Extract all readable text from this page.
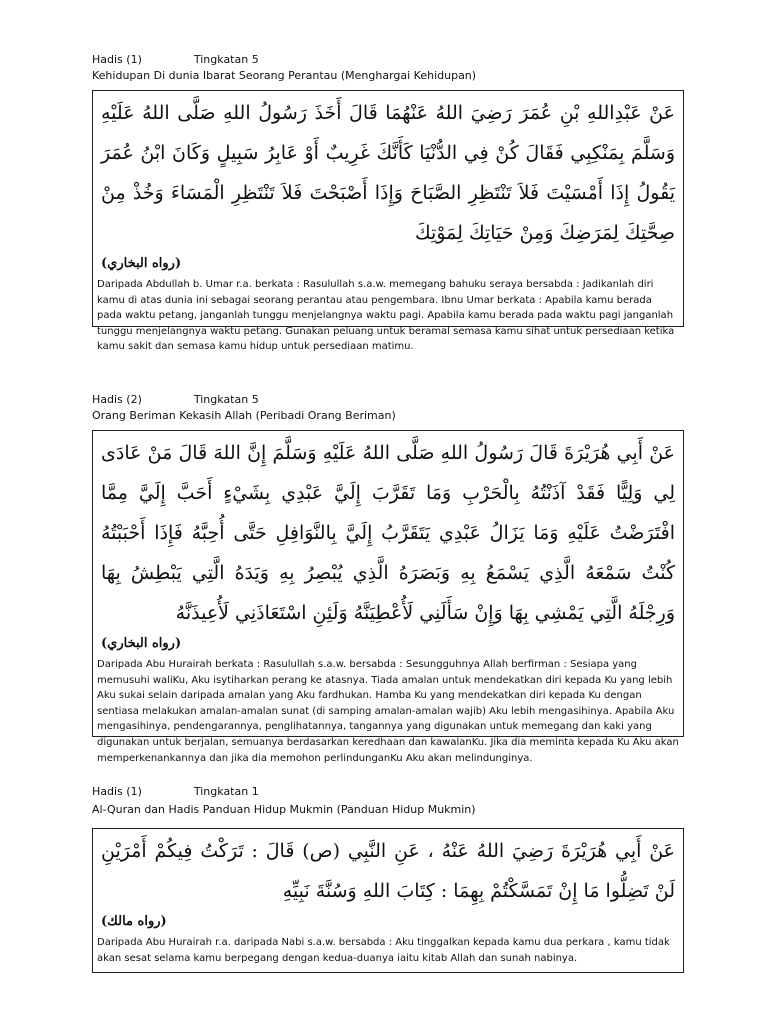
Hadis (1)	Tingkatan 5
Kehidupan Di dunia Ibarat Seorang Perantau (Menghargai Kehidupan)
عَنْ عَبْدِاللهِ بْنِ عُمَرَ رَضِيَ اللهُ عَنْهُمَا قَالَ أَخَذَ رَسُولُ اللهِ صَلَّى اللهُ عَلَيْهِ وَسَلَّمَ بِمَنْكِبِي فَقَالَ كُنْ فِي الدُّنْيَا كَأَنَّكَ غَرِيبٌ أَوْ عَابِرُ سَبِيلٍ وَكَانَ ابْنُ عُمَرَ يَقُولُ إِذَا أَمْسَيْتَ فَلاَ تَنْتَظِرِ الصَّبَاحَ وَإِذَا أَصْبَحْتَ فَلاَ تَنْتَظِرِ الْمَسَاءَ وَخُذْ مِنْ صِحَّتِكَ لِمَرَضِكَ وَمِنْ حَيَاتِكَ لِمَوْتِكَ
(رواه البخاري)
Daripada Abdullah b. Umar r.a. berkata : Rasulullah s.a.w. memegang bahuku seraya bersabda : Jadikanlah diri kamu di atas dunia ini sebagai seorang perantau atau pengembara. Ibnu Umar berkata : Apabila kamu berada pada waktu petang, janganlah tunggu menjelangnya waktu pagi. Apabila kamu berada pada waktu pagi janganlah tunggu menjelangnya waktu petang. Gunakan peluang untuk beramal semasa kamu sihat untuk persediaan ketika kamu sakit dan semasa kamu hidup untuk persediaan matimu.
Hadis (2)	Tingkatan 5
Orang Beriman Kekasih Allah (Peribadi Orang Beriman)
عَنْ أَبِي هُرَيْرَةَ قَالَ رَسُولُ اللهِ صَلَّى اللهُ عَلَيْهِ وَسَلَّمَ إِنَّ اللهَ قَالَ مَنْ عَادَى لِي وَلِيًّا فَقَدْ آذَنْتُهُ بِالْحَرْبِ وَمَا تَقَرَّبَ إِلَيَّ عَبْدِي بِشَيْءٍ أَحَبَّ إِلَيَّ مِمَّا افْتَرَضْتُ عَلَيْهِ وَمَا يَزَالُ عَبْدِي يَتَقَرَّبُ إِلَيَّ بِالنَّوَافِلِ حَتَّى أُحِبَّهُ فَإِذَا أَحْبَبْتُهُ كُنْتُ سَمْعَهُ الَّذِي يَسْمَعُ بِهِ وَبَصَرَهُ الَّذِي يُبْصِرُ بِهِ وَيَدَهُ الَّتِي يَبْطِشُ بِهَا وَرِجْلَهُ الَّتِي يَمْشِي بِهَا وَإِنْ سَأَلَنِي لَأُعْطِيَنَّهُ وَلَئِنِ اسْتَعَاذَنِي لَأُعِيذَنَّهُ
(رواه البخاري)
Daripada Abu Hurairah berkata : Rasulullah s.a.w. bersabda : Sesungguhnya Allah berfirman : Sesiapa yang memusuhi waliKu, Aku isytiharkan perang ke atasnya. Tiada amalan untuk mendekatkan diri kepada Ku yang lebih Aku sukai selain daripada amalan yang Aku fardhukan. Hamba Ku yang mendekatkan diri kepada Ku dengan sentiasa melakukan amalan-amalan sunat (di samping amalan-amalan wajib) Aku lebih mengasihinya. Apabila Aku mengasihinya, pendengarannya, penglihatannya, tangannya yang digunakan untuk memegang dan kaki yang digunakan untuk berjalan, semuanya berdasarkan keredhaan dan kawalanKu. Jika dia meminta kepada Ku Aku akan memperkenankannya dan jika dia memohon perlindunganKu Aku akan melindunginya.
Hadis (1)	Tingkatan 1
Al-Quran dan Hadis Panduan Hidup Mukmin (Panduan Hidup Mukmin)
عَنْ أَبِي هُرَيْرَةَ رَضِيَ اللهُ عَنْهُ ، عَنِ النَّبِي (ص) قَالَ : تَرَكْتُ فِيكُمْ أَمْرَيْنِ لَنْ تَضِلُّوا مَا إِنْ تَمَسَّكْتُمْ بِهِمَا : كِتَابَ اللهِ وَسُنَّةَ نَبِيِّهِ
(رواه مالك)
Daripada Abu Hurairah r.a. daripada Nabi s.a.w. bersabda : Aku tinggalkan kepada kamu dua perkara , kamu tidak akan sesat selama kamu berpegang dengan kedua-duanya iaitu kitab Allah dan sunah nabinya.
